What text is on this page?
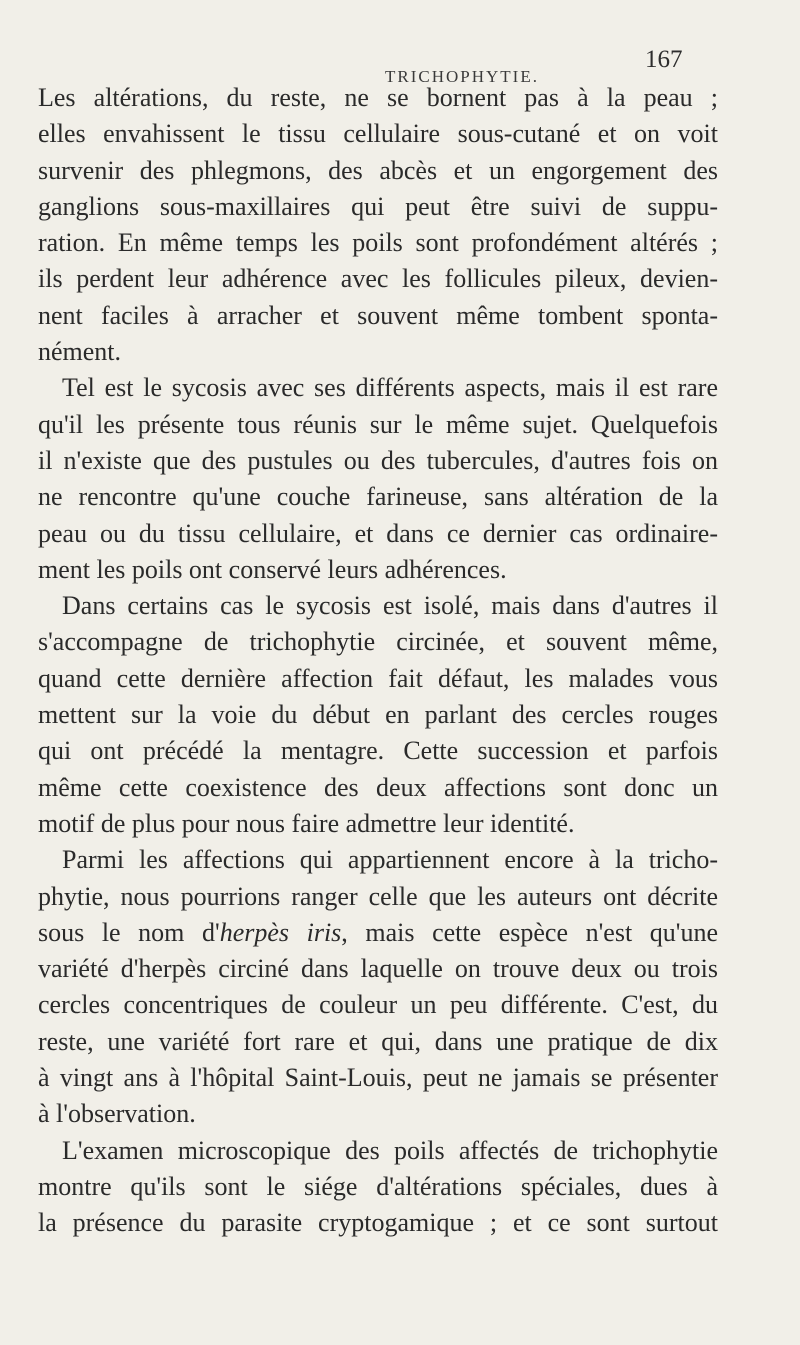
TRICHOPHYTIE.
167
Les altérations, du reste, ne se bornent pas à la peau ;
elles envahissent le tissu cellulaire sous-cutané et on voit
survenir des phlegmons, des abcès et un engorgement des
ganglions sous-maxillaires qui peut être suivi de suppu-
ration. En même temps les poils sont profondément altérés ;
ils perdent leur adhérence avec les follicules pileux, devien-
nent faciles à arracher et souvent même tombent sponta-
nément.
Tel est le sycosis avec ses différents aspects, mais il est rare
qu'il les présente tous réunis sur le même sujet. Quelquefois
il n'existe que des pustules ou des tubercules, d'autres fois on
ne rencontre qu'une couche farineuse, sans altération de la
peau ou du tissu cellulaire, et dans ce dernier cas ordinaire-
ment les poils ont conservé leurs adhérences.
Dans certains cas le sycosis est isolé, mais dans d'autres il
s'accompagne de trichophytie circinée, et souvent même,
quand cette dernière affection fait défaut, les malades vous
mettent sur la voie du début en parlant des cercles rouges
qui ont précédé la mentagre. Cette succession et parfois
même cette coexistence des deux affections sont donc un
motif de plus pour nous faire admettre leur identité.
Parmi les affections qui appartiennent encore à la tricho-
phytie, nous pourrions ranger celle que les auteurs ont décrite
sous le nom d'herpès iris, mais cette espèce n'est qu'une
variété d'herpès circiné dans laquelle on trouve deux ou trois
cercles concentriques de couleur un peu différente. C'est, du
reste, une variété fort rare et qui, dans une pratique de dix
à vingt ans à l'hôpital Saint-Louis, peut ne jamais se présenter
à l'observation.
L'examen microscopique des poils affectés de trichophytie
montre qu'ils sont le siége d'altérations spéciales, dues à
la présence du parasite cryptogamique ; et ce sont surtout
